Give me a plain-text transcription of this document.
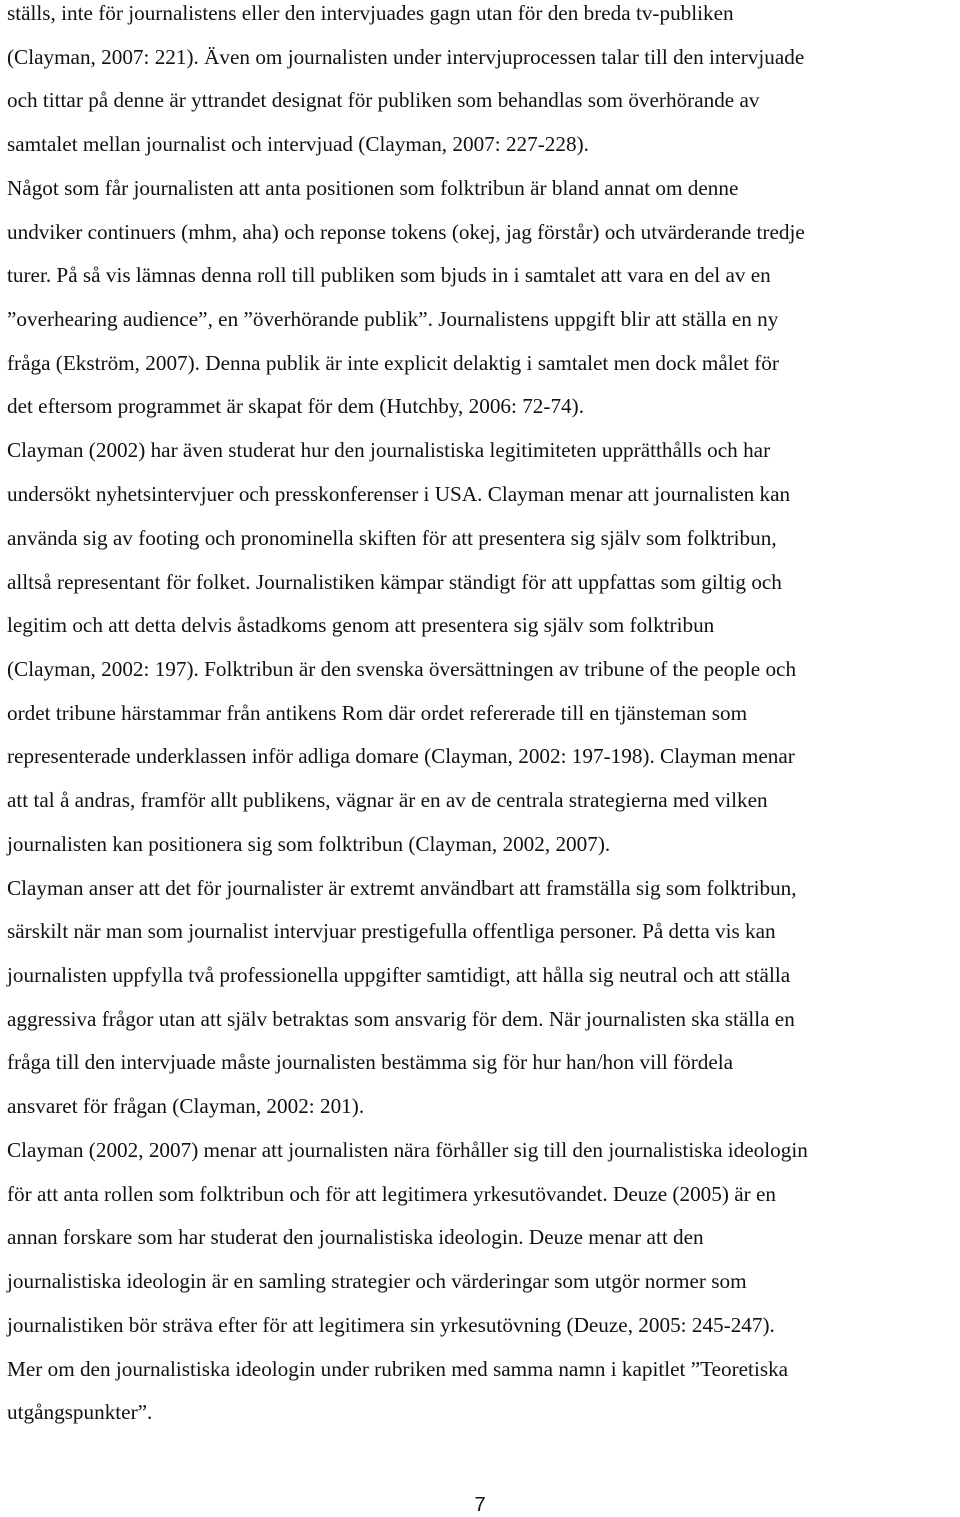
ställs, inte för journalistens eller den intervjuades gagn utan för den breda tv-publiken
(Clayman, 2007: 221). Även om journalisten under intervjuprocessen talar till den intervjuade
och tittar på denne är yttrandet designat för publiken som behandlas som överhörande av
samtalet mellan journalist och intervjuad (Clayman, 2007: 227-228).

Något som får journalisten att anta positionen som folktribun är bland annat om denne
undviker continuers (mhm, aha) och reponse tokens (okej, jag förstår) och utvärderande tredje
turer. På så vis lämnas denna roll till publiken som bjuds in i samtalet att vara en del av en
”overhearing audience”, en ”överhörande publik”. Journalistens uppgift blir att ställa en ny
fråga (Ekström, 2007). Denna publik är inte explicit delaktig i samtalet men dock målet för
det eftersom programmet är skapat för dem (Hutchby, 2006: 72-74).

Clayman (2002) har även studerat hur den journalistiska legitimiteten upprätthålls och har
undersökt nyhetsintervjuer och presskonferenser i USA. Clayman menar att journalisten kan
använda sig av footing och pronominella skiften för att presentera sig själv som folktribun,
alltså representant för folket. Journalistiken kämpar ständigt för att uppfattas som giltig och
legitim och att detta delvis åstadkoms genom att presentera sig själv som folktribun
(Clayman, 2002: 197). Folktribun är den svenska översättningen av tribune of the people och
ordet tribune härstammar från antikens Rom där ordet refererade till en tjänsteman som
representerade underklassen inför adliga domare (Clayman, 2002: 197-198). Clayman menar
att tal å andras, framför allt publikens, vägnar är en av de centrala strategierna med vilken
journalisten kan positionera sig som folktribun (Clayman, 2002, 2007).

Clayman anser att det för journalister är extremt användbart att framställa sig som folktribun,
särskilt när man som journalist intervjuar prestigefulla offentliga personer. På detta vis kan
journalisten uppfylla två professionella uppgifter samtidigt, att hålla sig neutral och att ställa
aggressiva frågor utan att själv betraktas som ansvarig för dem. När journalisten ska ställa en
fråga till den intervjuade måste journalisten bestämma sig för hur han/hon vill fördela
ansvaret för frågan (Clayman, 2002: 201).

Clayman (2002, 2007) menar att journalisten nära förhåller sig till den journalistiska ideologin
för att anta rollen som folktribun och för att legitimera yrkesutövandet. Deuze (2005) är en
annan forskare som har studerat den journalistiska ideologin. Deuze menar att den
journalistiska ideologin är en samling strategier och värderingar som utgör normer som
journalistiken bör sträva efter för att legitimera sin yrkesutövning (Deuze, 2005: 245-247).
Mer om den journalistiska ideologin under rubriken med samma namn i kapitlet ”Teoretiska
utgångspunkter”.

7
